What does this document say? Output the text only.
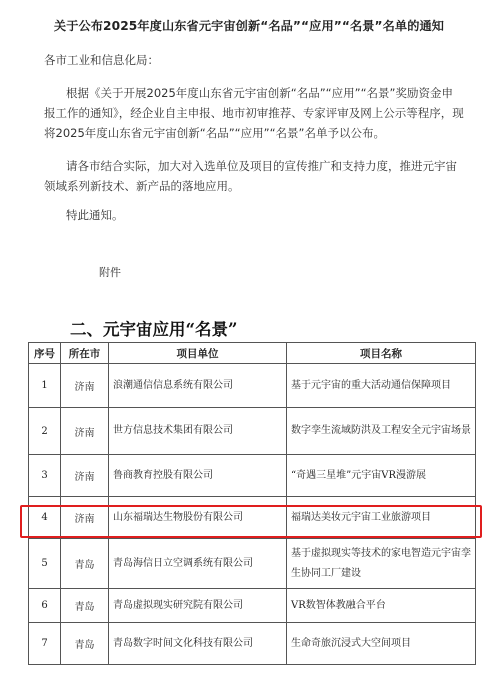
关于公布2025年度山东省元宇宙创新“名品”“应用”“名景”名单的通知
各市工业和信息化局：
根据《关于开展2025年度山东省元宇宙创新“名品”“应用”“名景”奖励资金申报工作的通知》，经企业自主申报、地市初审推荐、专家评审及网上公示等程序，现将2025年度山东省元宇宙创新“名品”“应用”“名景”名单予以公布。
请各市结合实际，加大对入选单位及项目的宣传推广和支持力度，推进元宇宙领域系列新技术、新产品的落地应用。
特此通知。
附件
二、元宇宙应用“名景”
序号	所在市	项目单位	项目名称
1	济南	浪潮通信信息系统有限公司	基于元宇宙的重大活动通信保障项目
2	济南	世方信息技术集团有限公司	数字孪生流域防洪及工程安全元宇宙场景
3	济南	鲁商教育控股有限公司	“奇遇三星堆”元宇宙VR漫游展
4	济南	山东福瑞达生物股份有限公司	福瑞达美妆元宇宙工业旅游项目
5	青岛	青岛海信日立空调系统有限公司	基于虚拟现实等技术的家电智造元宇宙孪生协同工厂建设
6	青岛	青岛虚拟现实研究院有限公司	VR数智体教融合平台
7	青岛	青岛数字时间文化科技有限公司	生命奇旅沉浸式大空间项目
